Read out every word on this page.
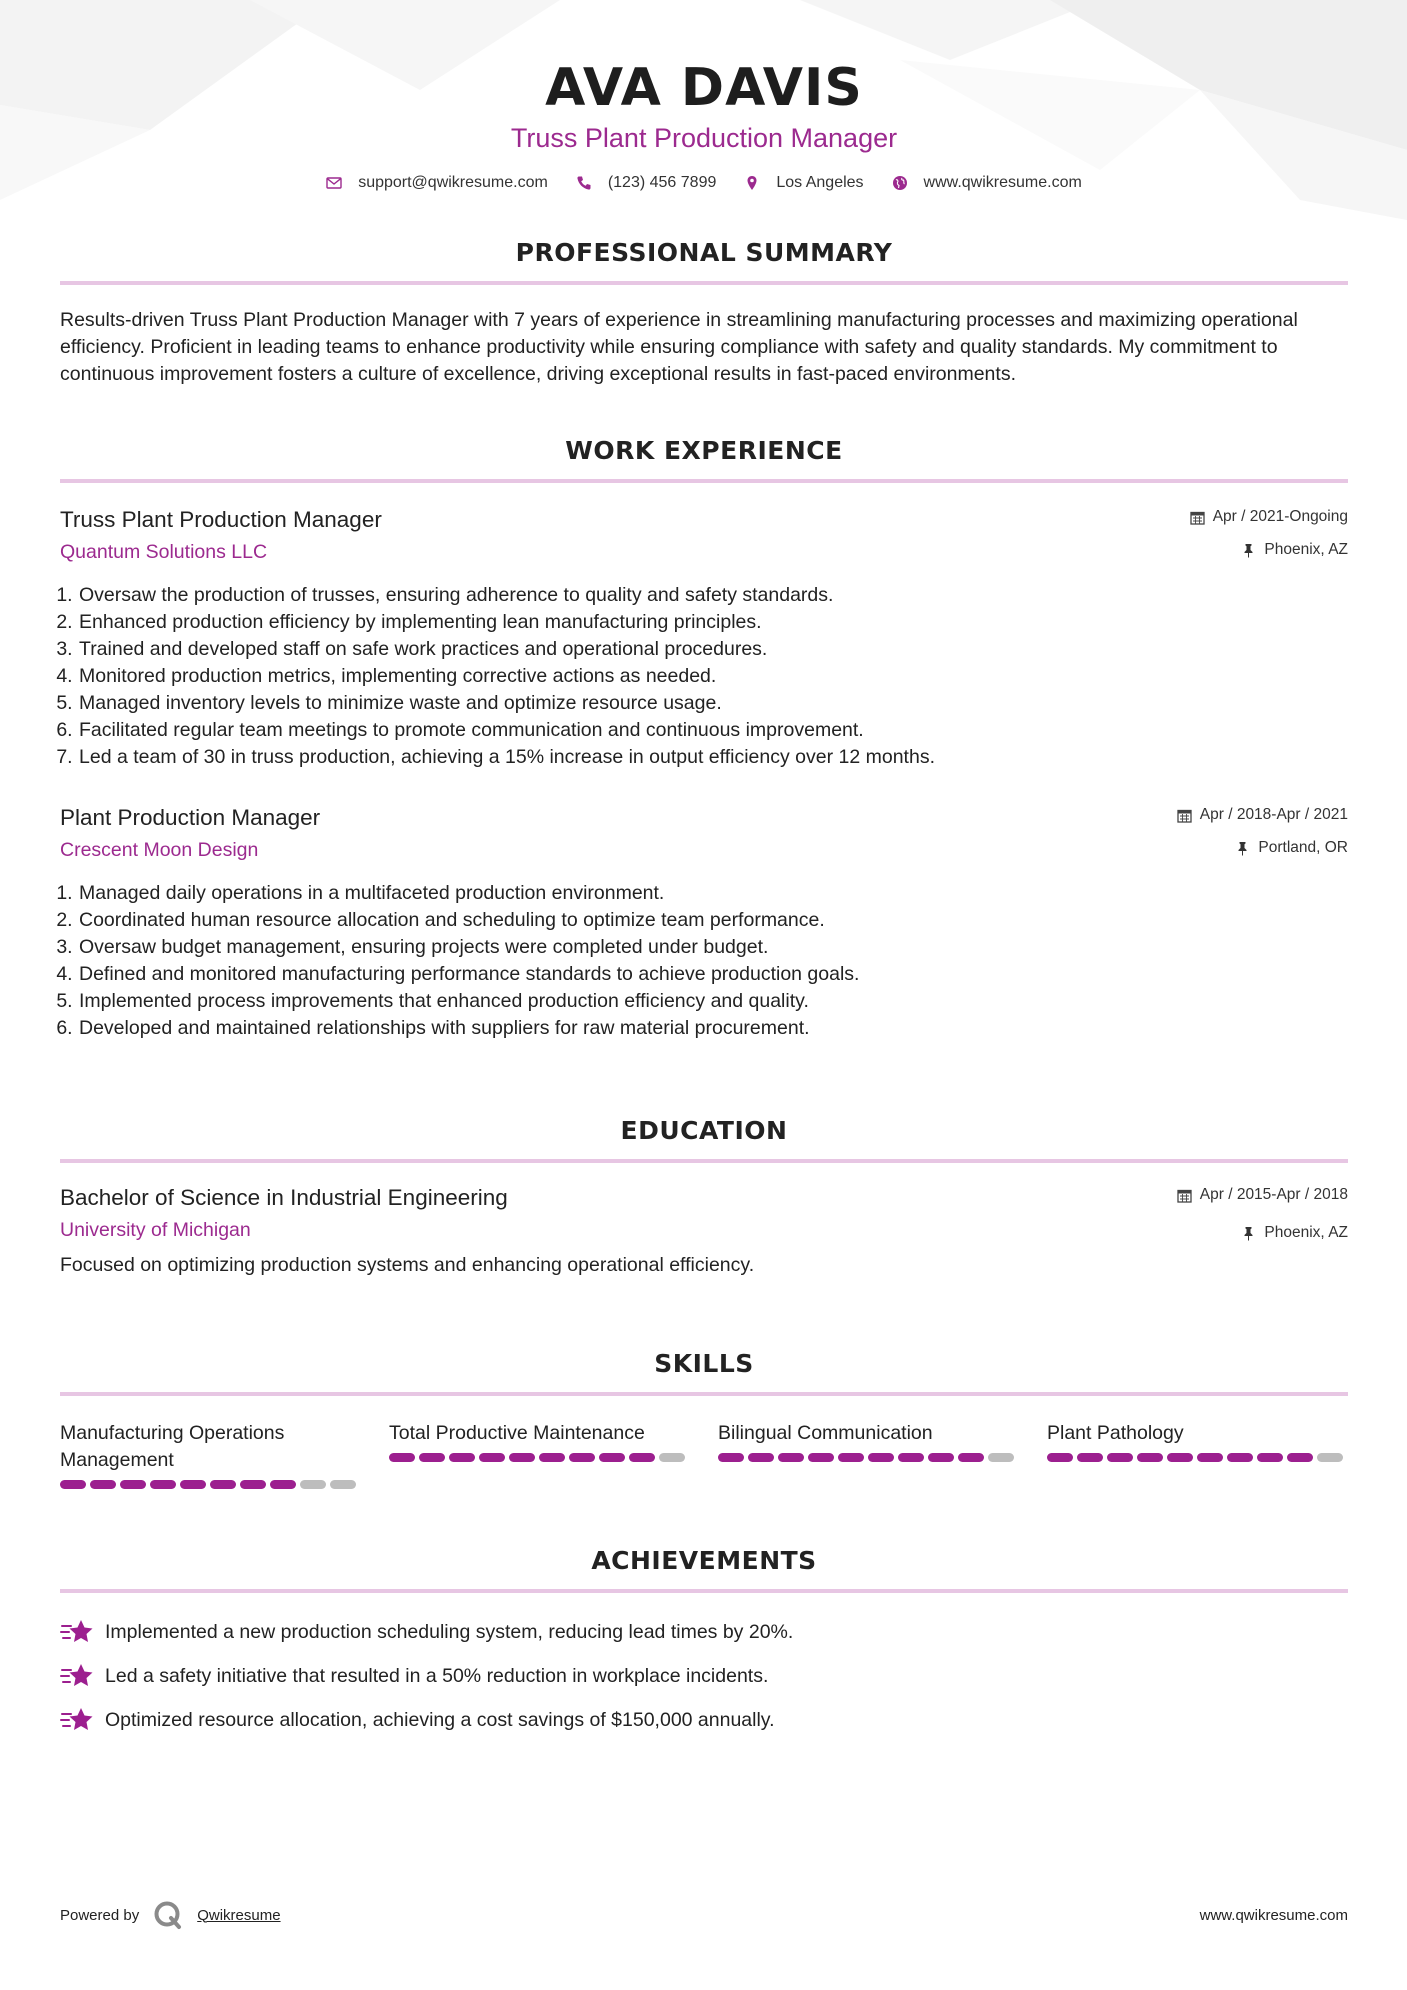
AVA DAVIS
Truss Plant Production Manager
support@qwikresume.com	(123) 456 7899	Los Angeles	www.qwikresume.com
PROFESSIONAL SUMMARY
Results-driven Truss Plant Production Manager with 7 years of experience in streamlining manufacturing processes and maximizing operational efficiency. Proficient in leading teams to enhance productivity while ensuring compliance with safety and quality standards. My commitment to continuous improvement fosters a culture of excellence, driving exceptional results in fast-paced environments.
WORK EXPERIENCE
Truss Plant Production Manager
Quantum Solutions LLC
Apr / 2021-Ongoing
Phoenix, AZ
1. Oversaw the production of trusses, ensuring adherence to quality and safety standards.
2. Enhanced production efficiency by implementing lean manufacturing principles.
3. Trained and developed staff on safe work practices and operational procedures.
4. Monitored production metrics, implementing corrective actions as needed.
5. Managed inventory levels to minimize waste and optimize resource usage.
6. Facilitated regular team meetings to promote communication and continuous improvement.
7. Led a team of 30 in truss production, achieving a 15% increase in output efficiency over 12 months.
Plant Production Manager
Crescent Moon Design
Apr / 2018-Apr / 2021
Portland, OR
1. Managed daily operations in a multifaceted production environment.
2. Coordinated human resource allocation and scheduling to optimize team performance.
3. Oversaw budget management, ensuring projects were completed under budget.
4. Defined and monitored manufacturing performance standards to achieve production goals.
5. Implemented process improvements that enhanced production efficiency and quality.
6. Developed and maintained relationships with suppliers for raw material procurement.
EDUCATION
Bachelor of Science in Industrial Engineering
University of Michigan
Apr / 2015-Apr / 2018
Phoenix, AZ
Focused on optimizing production systems and enhancing operational efficiency.
SKILLS
Manufacturing Operations Management
Total Productive Maintenance	Bilingual Communication	Plant Pathology
ACHIEVEMENTS
Implemented a new production scheduling system, reducing lead times by 20%.
Led a safety initiative that resulted in a 50% reduction in workplace incidents.
Optimized resource allocation, achieving a cost savings of $150,000 annually.
Powered by	Qwikresume	www.qwikresume.com
